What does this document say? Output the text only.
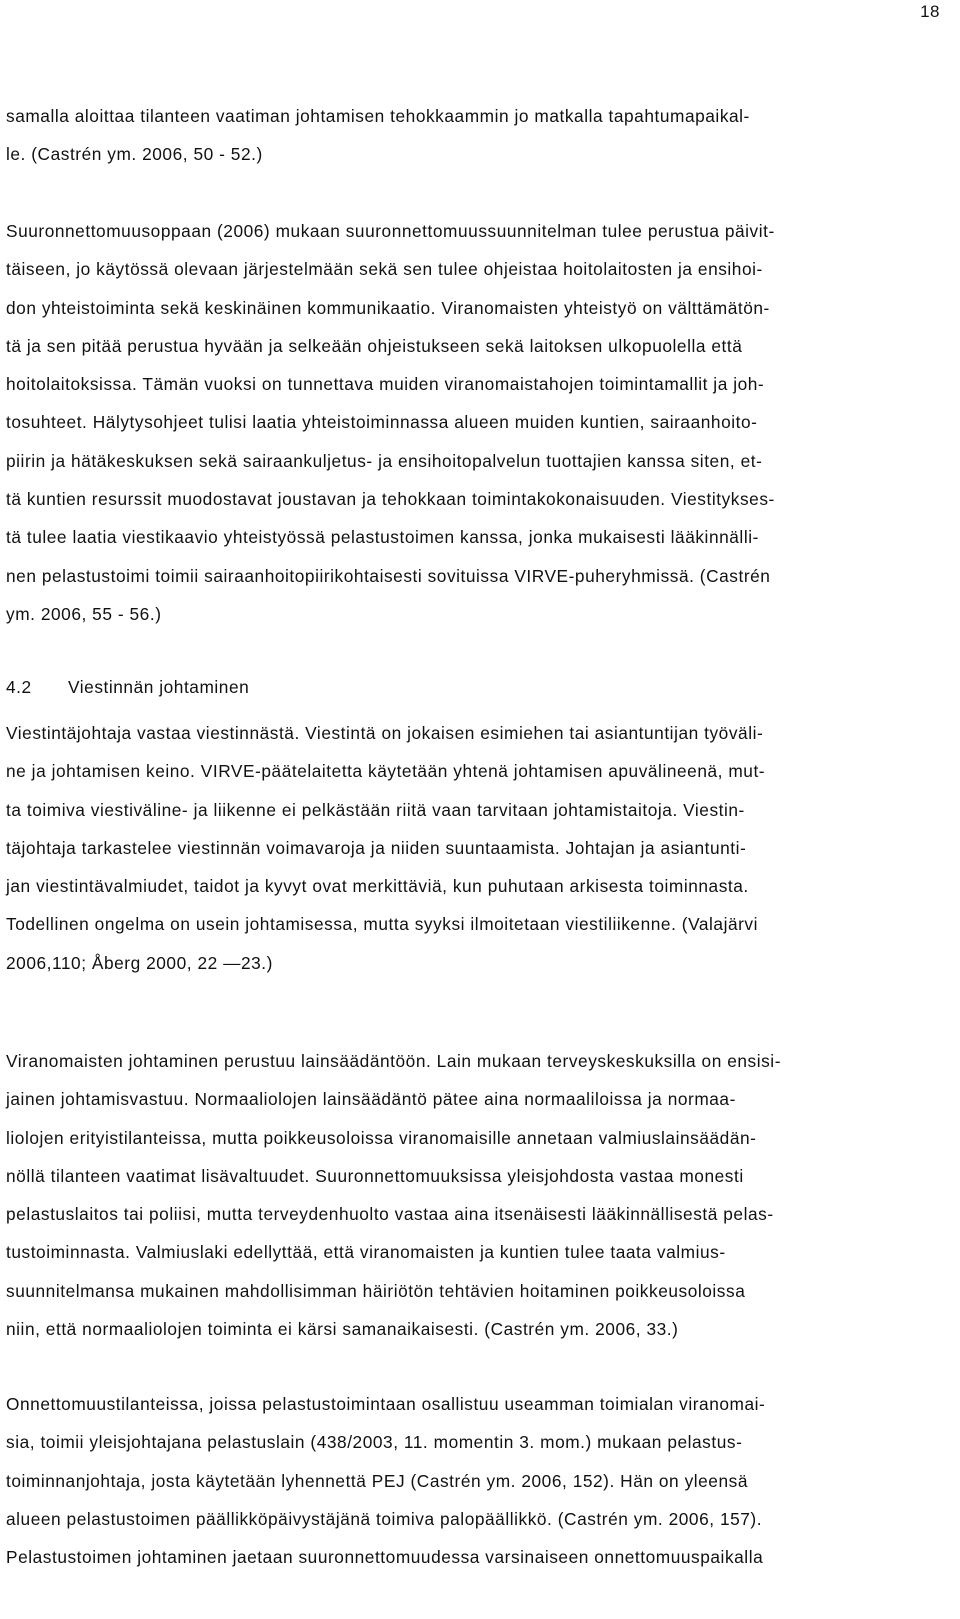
18
samalla aloittaa tilanteen vaatiman johtamisen tehokkaammin jo matkalla tapahtumapaikal-
le. (Castrén ym. 2006, 50 - 52.)
Suuronnettomuusoppaan (2006) mukaan suuronnettomuussuunnitelman tulee perustua päivit-
täiseen, jo käytössä olevaan järjestelmään sekä sen tulee ohjeistaa hoitolaitosten ja ensihoi-
don yhteistoiminta sekä keskinäinen kommunikaatio. Viranomaisten yhteistyö on välttämätön-
tä ja sen pitää perustua hyvään ja selkeään ohjeistukseen sekä laitoksen ulkopuolella että
hoitolaitoksissa. Tämän vuoksi on tunnettava muiden viranomaistahojen toimintamallit ja joh-
tosuhteet. Hälytysohjeet tulisi laatia yhteistoiminnassa alueen muiden kuntien, sairaanhoito-
piirin ja hätäkeskuksen sekä sairaankuljetus- ja ensihoitopalvelun tuottajien kanssa siten, et-
tä kuntien resurssit muodostavat joustavan ja tehokkaan toimintakokonaisuuden. Viestitykses-
tä tulee laatia viestikaavio yhteistyössä pelastustoimen kanssa, jonka mukaisesti lääkinnälli-
nen pelastustoimi toimii sairaanhoitopiirikohtaisesti sovituissa VIRVE-puheryhmissä. (Castrén
ym. 2006, 55 - 56.)
4.2 Viestinnän johtaminen
Viestintäjohtaja vastaa viestinnästä. Viestintä on jokaisen esimiehen tai asiantuntijan työväli-
ne ja johtamisen keino. VIRVE-päätelaitetta käytetään yhtenä johtamisen apuvälineenä, mut-
ta toimiva viestiväline- ja liikenne ei pelkästään riitä vaan tarvitaan johtamistaitoja. Viestin-
täjohtaja tarkastelee viestinnän voimavaroja ja niiden suuntaamista. Johtajan ja asiantunti-
jan viestintävalmiudet, taidot ja kyvyt ovat merkittäviä, kun puhutaan arkisesta toiminnasta.
Todellinen ongelma on usein johtamisessa, mutta syyksi ilmoitetaan viestiliikenne. (Valajärvi
2006,110; Åberg 2000, 22 —23.)
Viranomaisten johtaminen perustuu lainsäädäntöön. Lain mukaan terveyskeskuksilla on ensisi-
jainen johtamisvastuu. Normaaliolojen lainsäädäntö pätee aina normaaliloissa ja normaa-
liolojen erityistilanteissa, mutta poikkeusoloissa viranomaisille annetaan valmiuslainsäädän-
nöllä tilanteen vaatimat lisävaltuudet. Suuronnettomuuksissa yleisjohdosta vastaa monesti
pelastuslaitos tai poliisi, mutta terveydenhuolto vastaa aina itsenäisesti lääkinnällisestä pelas-
tustoiminnasta. Valmiuslaki edellyttää, että viranomaisten ja kuntien tulee taata valmius-
suunnitelmansa mukainen mahdollisimman häiriötön tehtävien hoitaminen poikkeusoloissa
niin, että normaaliolojen toiminta ei kärsi samanaikaisesti. (Castrén ym. 2006, 33.)
Onnettomuustilanteissa, joissa pelastustoimintaan osallistuu useamman toimialan viranomai-
sia, toimii yleisjohtajana pelastuslain (438/2003, 11. momentin 3. mom.) mukaan pelastus-
toiminnanjohtaja, josta käytetään lyhennettä PEJ (Castrén ym. 2006, 152). Hän on yleensä
alueen pelastustoimen päällikköpäivystäjänä toimiva palopäällikkö. (Castrén ym. 2006, 157).
Pelastustoimen johtaminen jaetaan suuronnettomuudessa varsinaiseen onnettomuuspaikalla
